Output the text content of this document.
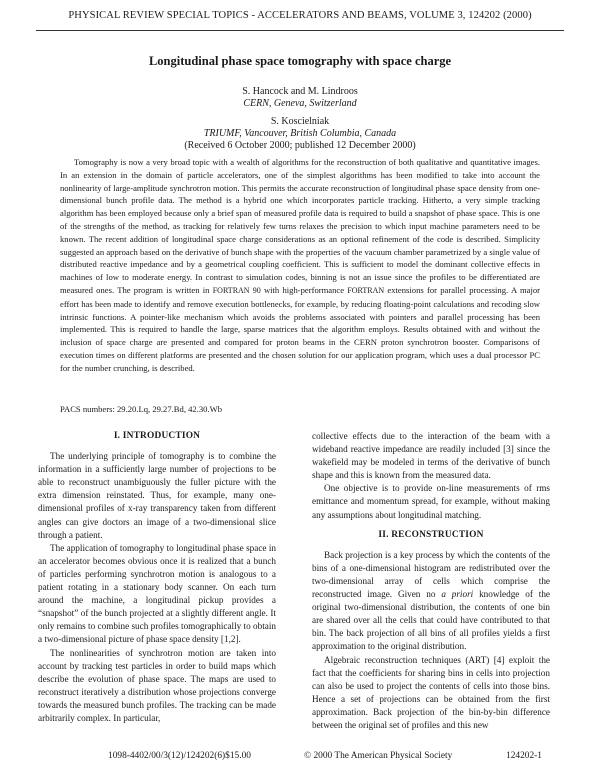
PHYSICAL REVIEW SPECIAL TOPICS - ACCELERATORS AND BEAMS, VOLUME 3, 124202 (2000)
Longitudinal phase space tomography with space charge
S. Hancock and M. Lindroos
CERN, Geneva, Switzerland
S. Koscielniak
TRIUMF, Vancouver, British Columbia, Canada
(Received 6 October 2000; published 12 December 2000)
Tomography is now a very broad topic with a wealth of algorithms for the reconstruction of both qualitative and quantitative images. In an extension in the domain of particle accelerators, one of the simplest algorithms has been modified to take into account the nonlinearity of large-amplitude synchrotron motion. This permits the accurate reconstruction of longitudinal phase space density from one-dimensional bunch profile data. The method is a hybrid one which incorporates particle tracking. Hitherto, a very simple tracking algorithm has been employed because only a brief span of measured profile data is required to build a snapshot of phase space. This is one of the strengths of the method, as tracking for relatively few turns relaxes the precision to which input machine parameters need to be known. The recent addition of longitudinal space charge considerations as an optional refinement of the code is described. Simplicity suggested an approach based on the derivative of bunch shape with the properties of the vacuum chamber parametrized by a single value of distributed reactive impedance and by a geometrical coupling coefficient. This is sufficient to model the dominant collective effects in machines of low to moderate energy. In contrast to simulation codes, binning is not an issue since the profiles to be differentiated are measured ones. The program is written in FORTRAN 90 with high-performance FORTRAN extensions for parallel processing. A major effort has been made to identify and remove execution bottlenecks, for example, by reducing floating-point calculations and recoding slow intrinsic functions. A pointer-like mechanism which avoids the problems associated with pointers and parallel processing has been implemented. This is required to handle the large, sparse matrices that the algorithm employs. Results obtained with and without the inclusion of space charge are presented and compared for proton beams in the CERN proton synchrotron booster. Comparisons of execution times on different platforms are presented and the chosen solution for our application program, which uses a dual processor PC for the number crunching, is described.
PACS numbers: 29.20.Lq, 29.27.Bd, 42.30.Wb
I. INTRODUCTION

The underlying principle of tomography is to combine the information in a sufficiently large number of projections to be able to reconstruct unambiguously the fuller picture with the extra dimension reinstated. Thus, for example, many one-dimensional profiles of x-ray transparency taken from different angles can give doctors an image of a two-dimensional slice through a patient.

The application of tomography to longitudinal phase space in an accelerator becomes obvious once it is realized that a bunch of particles performing synchrotron motion is analogous to a patient rotating in a stationary body scanner. On each turn around the machine, a longitudinal pickup provides a “snapshot” of the bunch projected at a slightly different angle. It only remains to combine such profiles tomographically to obtain a two-dimensional picture of phase space density [1,2].

The nonlinearities of synchrotron motion are taken into account by tracking test particles in order to build maps which describe the evolution of phase space. The maps are used to reconstruct iteratively a distribution whose projections converge towards the measured bunch profiles. The tracking can be made arbitrarily complex. In particular,

collective effects due to the interaction of the beam with a wideband reactive impedance are readily included [3] since the wakefield may be modeled in terms of the derivative of bunch shape and this is known from the measured data.

One objective is to provide on-line measurements of rms emittance and momentum spread, for example, without making any assumptions about longitudinal matching.

II. RECONSTRUCTION

Back projection is a key process by which the contents of the bins of a one-dimensional histogram are redistributed over the two-dimensional array of cells which comprise the reconstructed image. Given no a priori knowledge of the original two-dimensional distribution, the contents of one bin are shared over all the cells that could have contributed to that bin. The back projection of all bins of all profiles yields a first approximation to the original distribution.

Algebraic reconstruction techniques (ART) [4] exploit the fact that the coefficients for sharing bins in cells into projection can also be used to project the contents of cells into those bins. Hence a set of projections can be obtained from the first approximation. Back projection of the bin-by-bin difference between the original set of profiles and this new

1098-4402/00/3(12)/124202(6)$15.00	© 2000 The American Physical Society	124202-1
